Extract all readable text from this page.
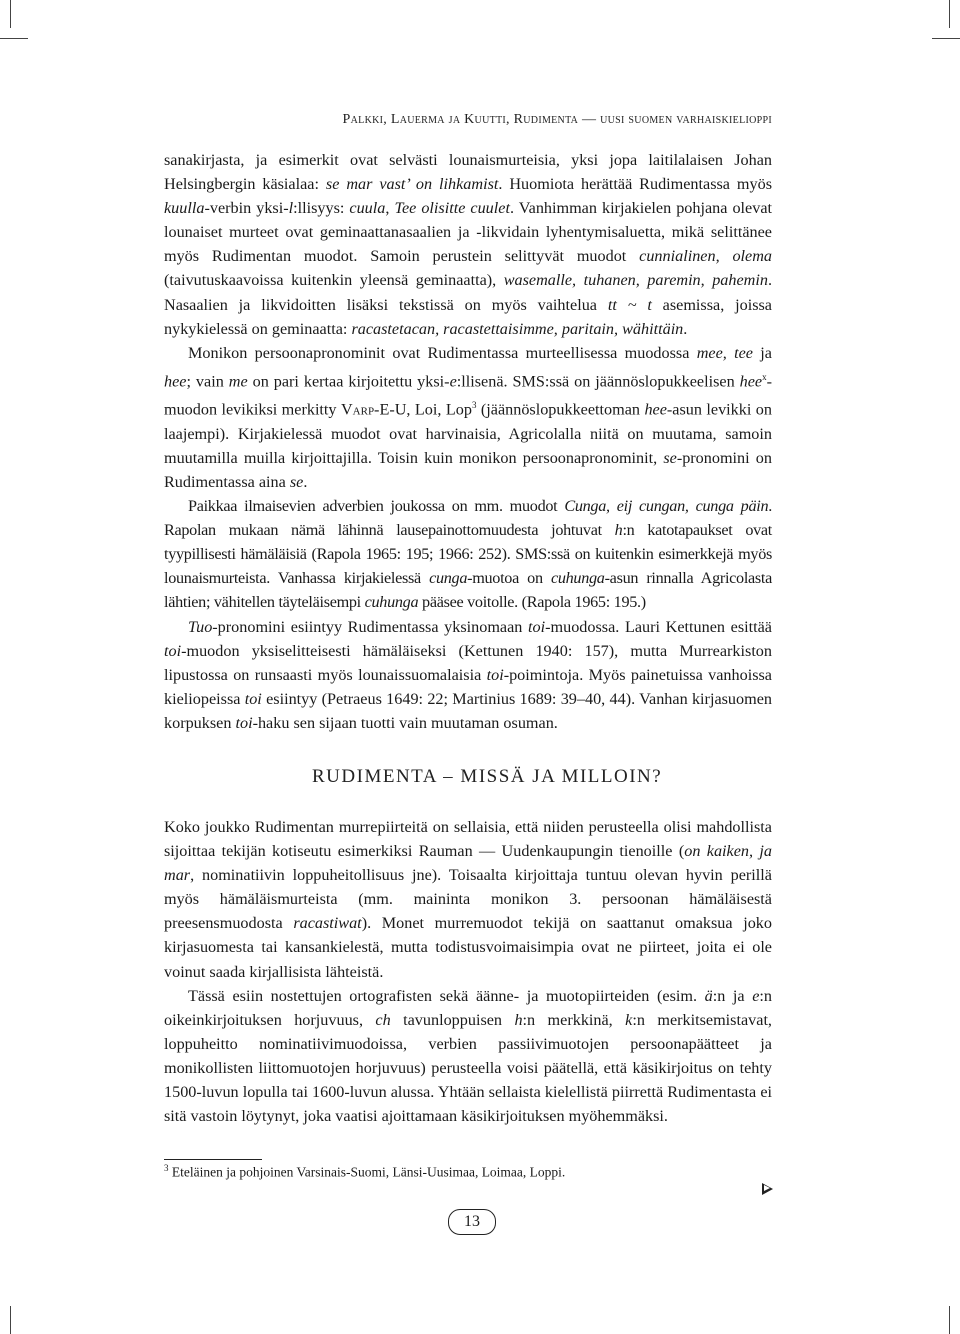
Palkki, Lauerma ja Kuutti, Rudimenta — uusi suomen varhaiskielioppi

sanakirjasta, ja esimerkit ovat selvästi lounaismurteisia, yksi jopa laitilalaisen Johan Helsingbergin käsialaa: se mar vast’ on lihkamist. Huomiota herättää Rudimentassa myös kuulla-verbin yksi-l:llisyys: cuula, Tee olisitte cuulet. Vanhimman kirjakielen pohjana olevat lounaiset murteet ovat geminaattanasaalien ja -likvidain lyhentymisaluetta, mikä selittänee myös Rudimentan muodot. Samoin perustein selittyvät muodot cunnialinen, olema (taivutuskaavoissa kuitenkin yleensä geminaatta), wasemalle, tuhanen, paremin, pahemin. Nasaalien ja likvidoitten lisäksi tekstissä on myös vaihtelua tt ~ t asemissa, joissa nykykielessä on geminaatta: racastetacan, racastettaisimme, paritain, wähittäin.

Monikon persoonapronominit ovat Rudimentassa murteellisessa muodossa mee, tee ja hee; vain me on pari kertaa kirjoitettu yksi-e:llisenä. SMS:ssä on jäännöslopukkeelisen hee$^x$-muodon levikiksi merkitty Varp-E-U, Loi, Lop$^3$ (jäännöslopukkeettoman hee-asun levikki on laajempi). Kirjakielessä muodot ovat harvinaisia, Agricolalla niitä on muutama, samoin muutamilla muilla kirjoittajilla. Toisin kuin monikon persoonapronominit, se-pronomini on Rudimentassa aina se.

Paikkaa ilmaisevien adverbien joukossa on mm. muodot Cunga, eij cungan, cunga päin. Rapolan mukaan nämä lähinnä lausepainottomuudesta johtuvat h:n katotapaukset ovat tyypillisesti hämäläisiä (Rapola 1965: 195; 1966: 252). SMS:ssä on kuitenkin esimerkkejä myös lounaismurteista. Vanhassa kirjakielessä cunga-muotoa on cuhunga-asun rinnalla Agricolasta lähtien; vähitellen täyteläisempi cuhunga pääsee voitolle. (Rapola 1965: 195.)

Tuo-pronomini esiintyy Rudimentassa yksinomaan toi-muodossa. Lauri Kettunen esittää toi-muodon yksiselitteisesti hämäläiseksi (Kettunen 1940: 157), mutta Murrearkiston lipustossa on runsaasti myös lounaissuomalaisia toi-poimintoja. Myös painetuissa vanhoissa kieliopeissa toi esiintyy (Petraeus 1649: 22; Martinius 1689: 39–40, 44). Vanhan kirjasuomen korpuksen toi-haku sen sijaan tuotti vain muutaman osuman.

RUDIMENTA – MISSÄ JA MILLOIN?

Koko joukko Rudimentan murrepiirteitä on sellaisia, että niiden perusteella olisi mahdollista sijoittaa tekijän kotiseutu esimerkiksi Rauman — Uudenkaupungin tienoille (on kaiken, ja mar, nominatiivin loppuheitollisuus jne). Toisaalta kirjoittaja tuntuu olevan hyvin perillä myös hämäläismurteista (mm. maininta monikon 3. persoonan hämäläisestä preesensmuodosta racastiwat). Monet murremuodot tekijä on saattanut omaksua joko kirjasuomesta tai kansankielestä, mutta todistusvoimaisimpia ovat ne piirteet, joita ei ole voinut saada kirjallisista lähteistä.

Tässä esiin nostettujen ortografisten sekä äänne- ja muotopiirteiden (esim. ä:n ja e:n oikeinkirjoituksen horjuvuus, ch tavunloppuisen h:n merkkinä, k:n merkitsemistavat, loppuheitto nominatiivimuodoissa, verbien passiivimuotojen persoonapäätteet ja monikollisten liittomuotojen horjuvuus) perusteella voisi päätellä, että käsikirjoitus on tehty 1500-luvun lopulla tai 1600-luvun alussa. Yhtään sellaista kielellistä piirrettä Rudimentasta ei sitä vastoin löytynyt, joka vaatisi ajoittamaan käsikirjoituksen myöhemmäksi.

$^3$ Eteläinen ja pohjoinen Varsinais-Suomi, Länsi-Uusimaa, Loimaa, Loppi.
13
